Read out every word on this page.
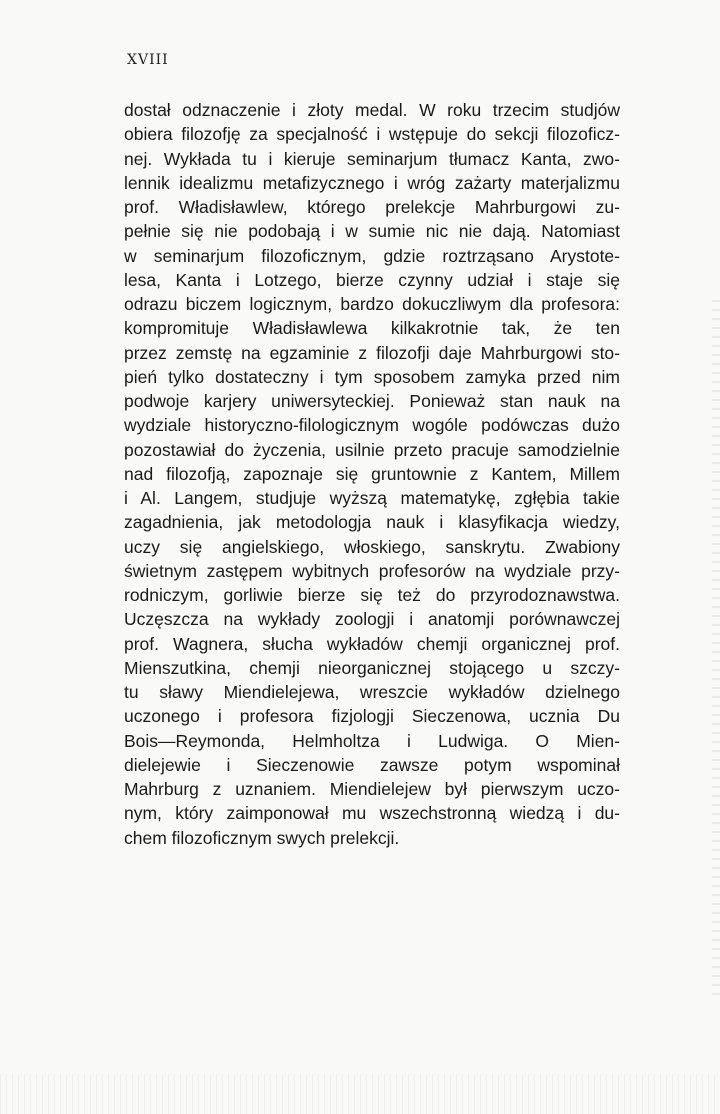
XVIII
dostał odznaczenie i złoty medal. W roku trzecim studjów
obiera filozofję za specjalność i wstępuje do sekcji filozoficz-
nej. Wykłada tu i kieruje seminarjum tłumacz Kanta, zwo-
lennik idealizmu metafizycznego i wróg zażarty materjalizmu
prof. Władisławlew, którego prelekcje Mahrburgowi zu-
pełnie się nie podobają i w sumie nic nie dają. Natomiast
w seminarjum filozoficznym, gdzie roztrząsano Arystote-
lesa, Kanta i Lotzego, bierze czynny udział i staje się
odrazu biczem logicznym, bardzo dokuczliwym dla profesora:
kompromituje Władisławlewa kilkakrotnie tak, że ten
przez zemstę na egzaminie z filozofji daje Mahrburgowi sto-
pień tylko dostateczny i tym sposobem zamyka przed nim
podwoje karjery uniwersyteckiej. Ponieważ stan nauk na
wydziale historyczno-filologicznym wogóle podówczas dużo
pozostawiał do życzenia, usilnie przeto pracuje samodzielnie
nad filozofją, zapoznaje się gruntownie z Kantem, Millem
i Al. Langem, studjuje wyższą matematykę, zgłębia takie
zagadnienia, jak metodologja nauk i klasyfikacja wiedzy,
uczy się angielskiego, włoskiego, sanskrytu. Zwabiony
świetnym zastępem wybitnych profesorów na wydziale przy-
rodniczym, gorliwie bierze się też do przyrodoznawstwa.
Uczęszcza na wykłady zoologji i anatomji porównawczej
prof. Wagnera, słucha wykładów chemji organicznej prof.
Mienszutkina, chemji nieorganicznej stojącego u szczy-
tu sławy Miendielejewa, wreszcie wykładów dzielnego
uczonego i profesora fizjologji Sieczenowa, ucznia Du
Bois—Reymonda, Helmholtza i Ludwiga. O Mien-
dielejewie i Sieczenowie zawsze potym wspominał
Mahrburg z uznaniem. Miendielejew był pierwszym uczo-
nym, który zaimponował mu wszechstronną wiedzą i du-
chem filozoficznym swych prelekcji.
